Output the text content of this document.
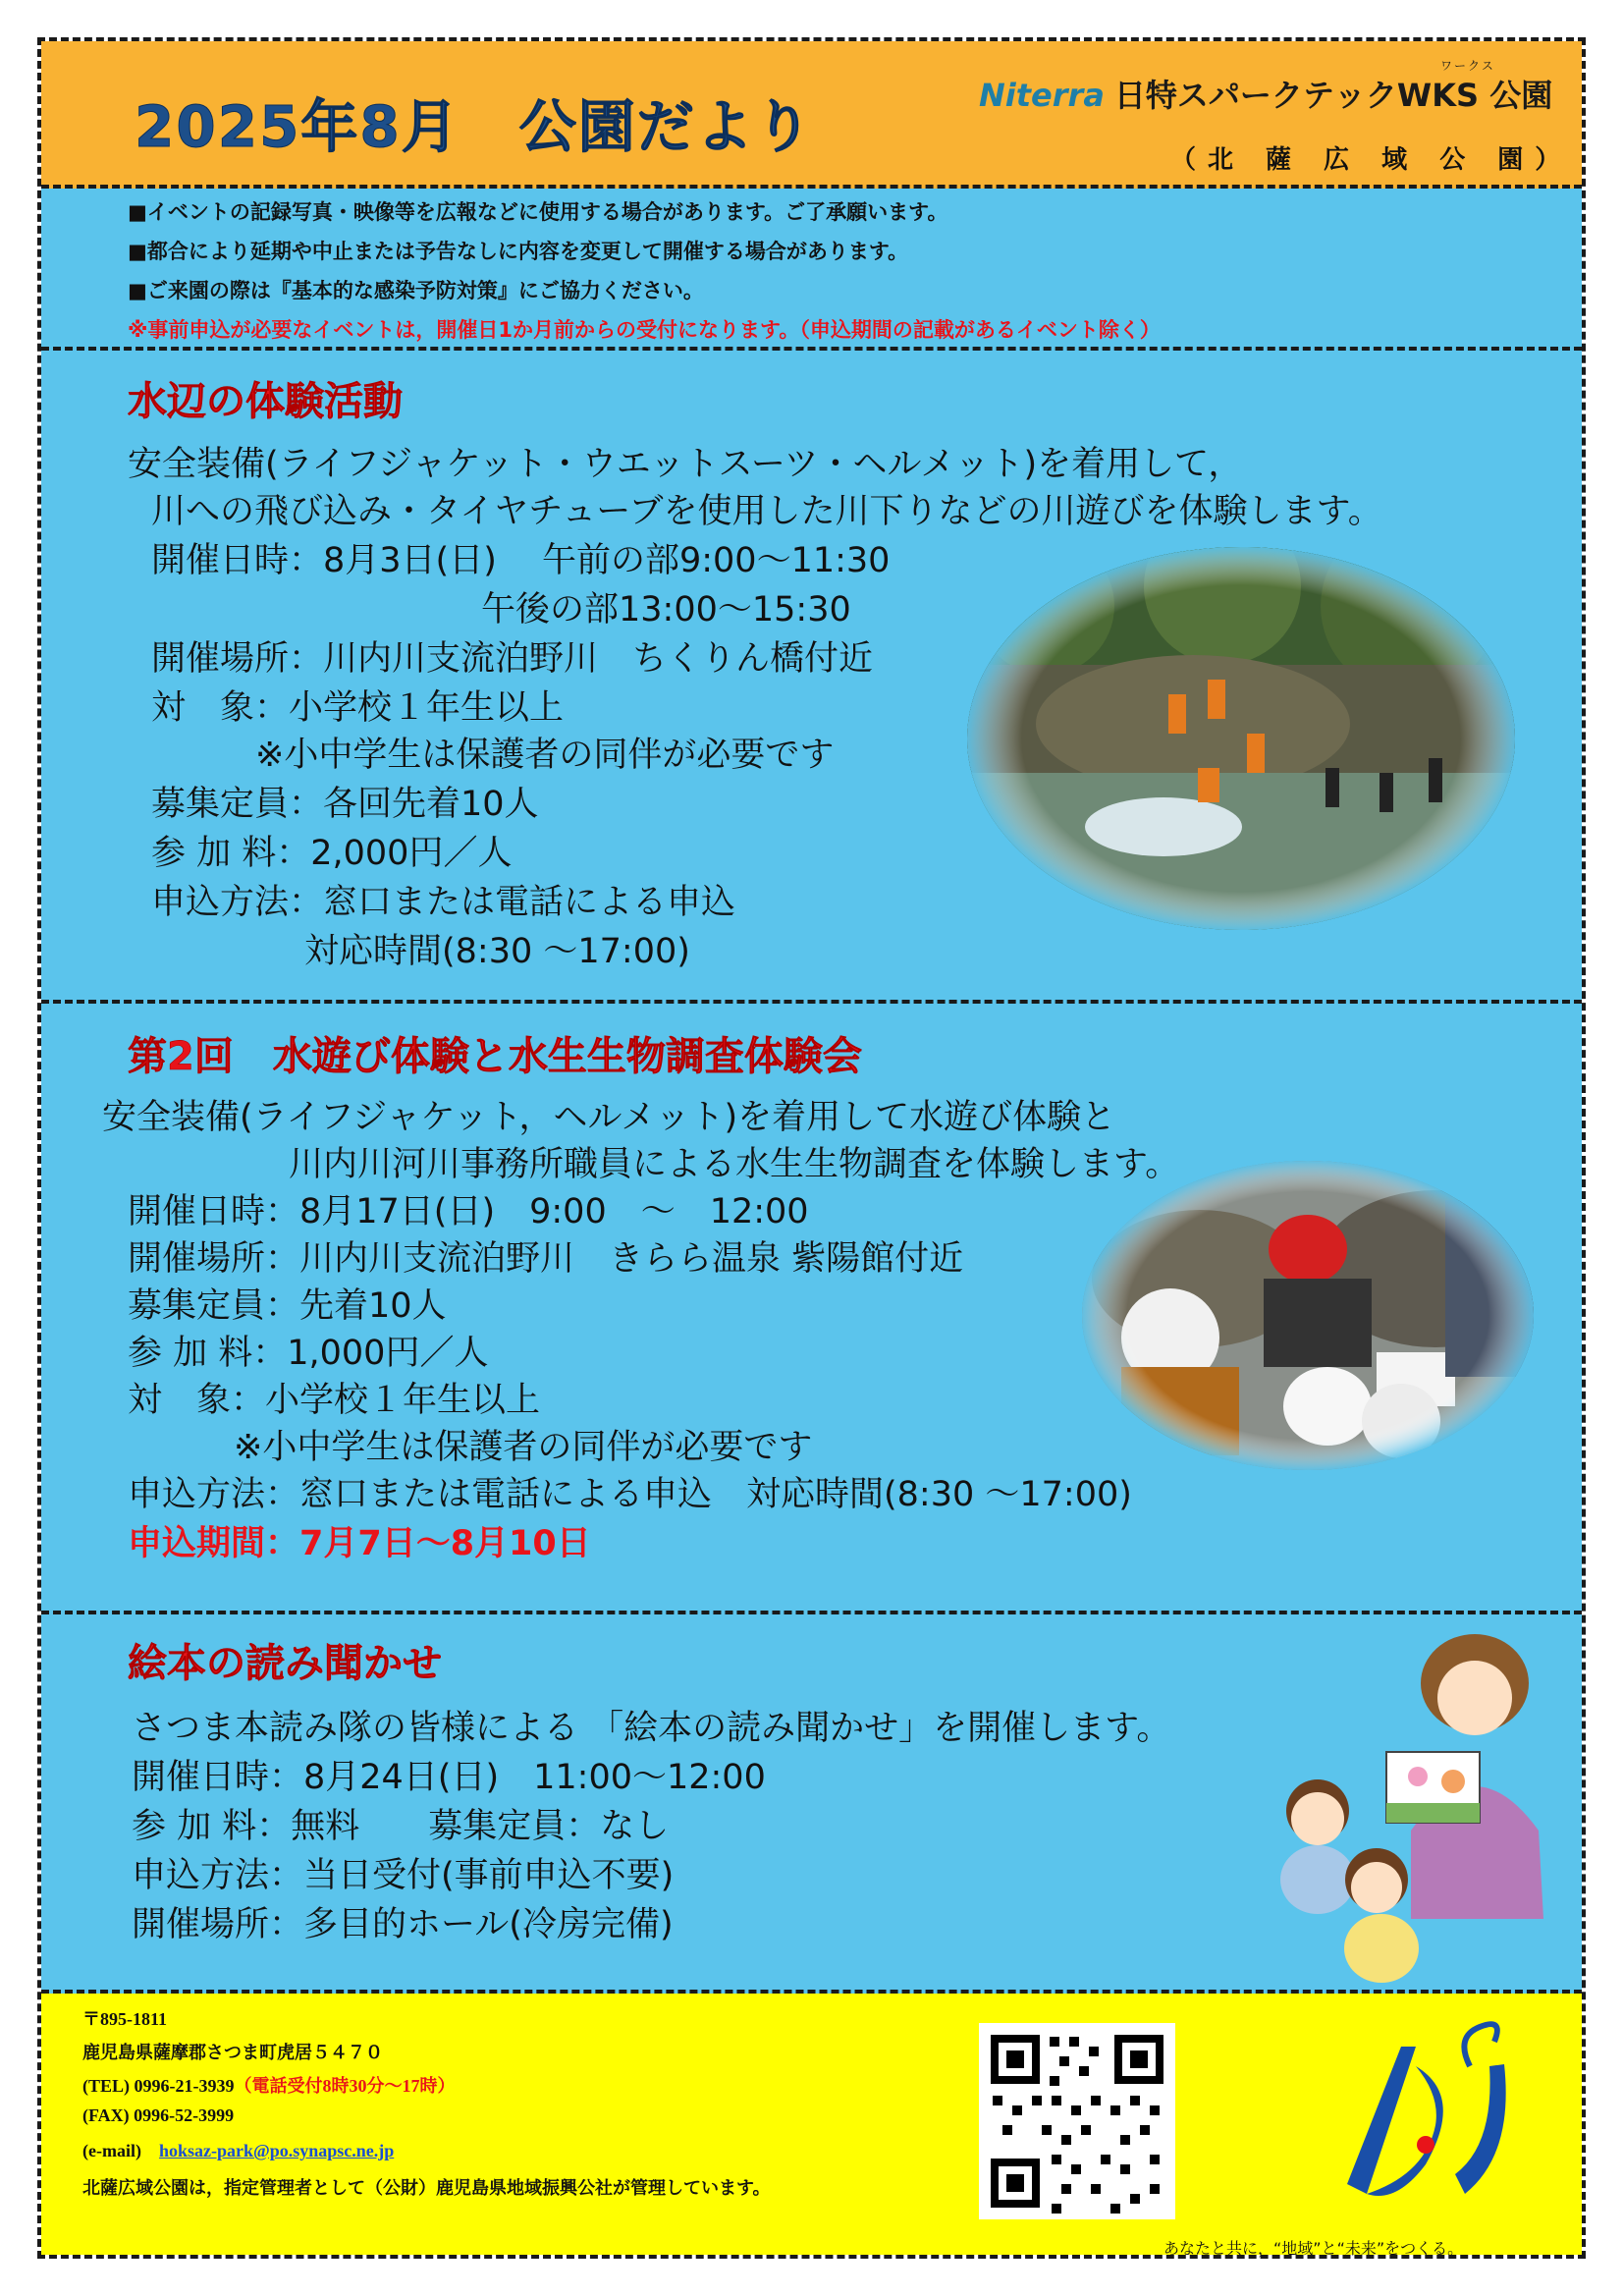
2025年8月　公園だより
ワークス
Niterra 日特スパークテックWKS 公園
（北 薩 広 域 公 園）
■イベントの記録写真・映像等を広報などに使用する場合があります。ご了承願います。
■都合により延期や中止または予告なしに内容を変更して開催する場合があります。
■ご来園の際は『基本的な感染予防対策』にご協力ください。
※事前申込が必要なイベントは，開催日1か月前からの受付になります。（申込期間の記載があるイベント除く）
水辺の体験活動
安全装備(ライフジャケット・ウエットスーツ・ヘルメット)を着用して，
川への飛び込み・タイヤチューブを使用した川下りなどの川遊びを体験します。
開催日時：8月3日(日)　 午前の部9:00～11:30
午後の部13:00～15:30
開催場所：川内川支流泊野川　ちくりん橋付近
対　象：小学校１年生以上
※小中学生は保護者の同伴が必要です
募集定員：各回先着10人
参 加 料：2,000円／人
申込方法：窓口または電話による申込
対応時間(8:30 ～17:00)
第2回　水遊び体験と水生生物調査体験会
安全装備(ライフジャケット，ヘルメット)を着用して水遊び体験と
川内川河川事務所職員による水生生物調査を体験します。
開催日時：8月17日(日)　9:00　～　12:00
開催場所：川内川支流泊野川　きらら温泉 紫陽館付近
募集定員：先着10人
参 加 料：1,000円／人
対　象：小学校１年生以上
※小中学生は保護者の同伴が必要です
申込方法：窓口または電話による申込　対応時間(8:30 ～17:00)
申込期間：7月7日～8月10日
絵本の読み聞かせ
さつま本読み隊の皆様による 「絵本の読み聞かせ」を開催します。
開催日時：8月24日(日)　11:00～12:00
参 加 料：無料　　募集定員：なし
申込方法：当日受付(事前申込不要)
開催場所：多目的ホール(冷房完備)
〒895-1811
鹿児島県薩摩郡さつま町虎居５４７０
(TEL) 0996-21-3939（電話受付8時30分～17時）
(FAX) 0996-52-3999
(e-mail) hoksaz-park@po.synapsc.ne.jp
北薩広域公園は，指定管理者として（公財）鹿児島県地域振興公社が管理しています。
あなたと共に，“地域”と“未来”をつくる。
